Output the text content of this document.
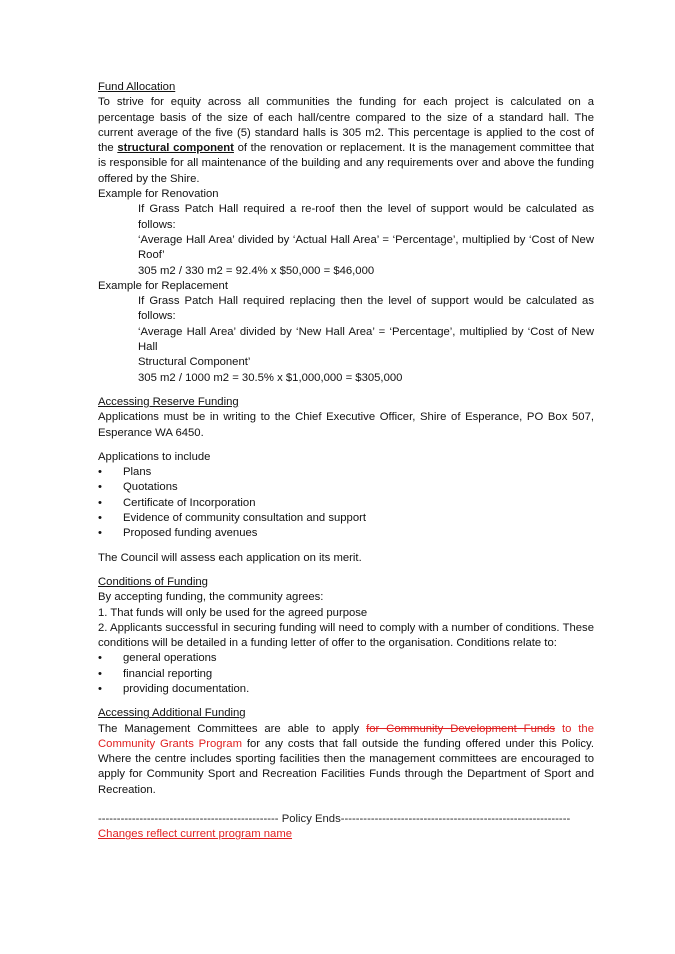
Fund Allocation

To strive for equity across all communities the funding for each project is calculated on a percentage basis of the size of each hall/centre compared to the size of a standard hall. The current average of the five (5) standard halls is 305 m2. This percentage is applied to the cost of the structural component of the renovation or replacement. It is the management committee that is responsible for all maintenance of the building and any requirements over and above the funding offered by the Shire.

Example for Renovation

If Grass Patch Hall required a re-roof then the level of support would be calculated as follows:

‘Average Hall Area’ divided by ‘Actual Hall Area’ = ‘Percentage’, multiplied by ‘Cost of New Roof’

305 m2 / 330 m2 = 92.4% x $50,000 = $46,000

Example for Replacement

If Grass Patch Hall required replacing then the level of support would be calculated as follows:

‘Average Hall Area’ divided by ‘New Hall Area’ = ‘Percentage’, multiplied by ‘Cost of New Hall

Structural Component’

305 m2 / 1000 m2 = 30.5% x $1,000,000 = $305,000

Accessing Reserve Funding

Applications must be in writing to the Chief Executive Officer, Shire of Esperance, PO Box 507, Esperance WA 6450.

Applications to include

• Plans
• Quotations
• Certificate of Incorporation
• Evidence of community consultation and support
• Proposed funding avenues

The Council will assess each application on its merit.

Conditions of Funding

By accepting funding, the community agrees:

1. That funds will only be used for the agreed purpose

2. Applicants successful in securing funding will need to comply with a number of conditions. These conditions will be detailed in a funding letter of offer to the organisation. Conditions relate to:

• general operations
• financial reporting
• providing documentation.

Accessing Additional Funding

The Management Committees are able to apply for Community Development Funds to the Community Grants Program for any costs that fall outside the funding offered under this Policy. Where the centre includes sporting facilities then the management committees are encouraged to apply for Community Sport and Recreation Facilities Funds through the Department of Sport and Recreation.

------------------------------------------------ Policy Ends-------------------------------------------------------------

Changes reflect current program name
